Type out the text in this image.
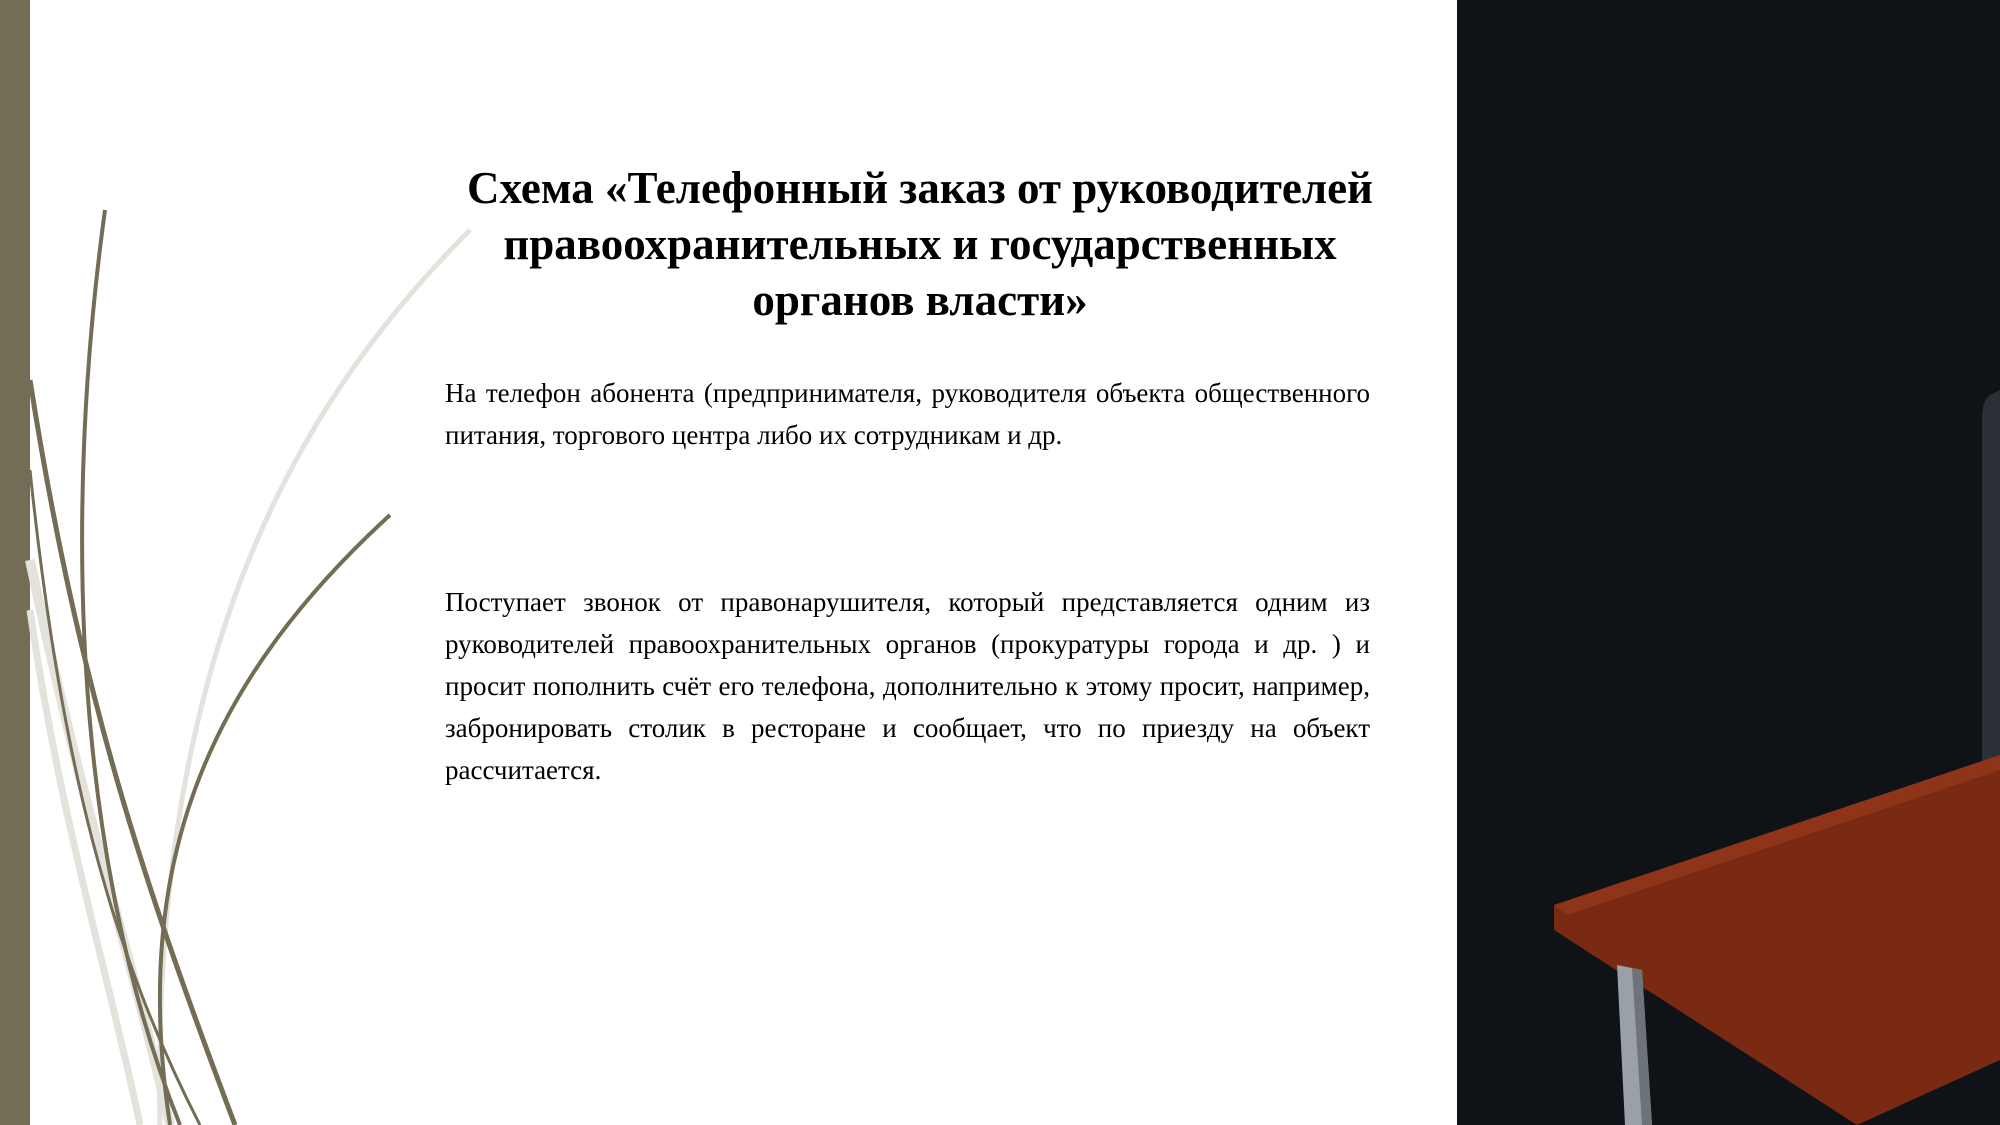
Схема «Телефонный заказ от руководителей правоохранительных и государственных органов власти»

На телефон абонента (предпринимателя, руководителя объекта общественного питания, торгового центра либо их сотрудникам и др.

Поступает звонок от правонарушителя, который представляется одним из руководителей правоохранительных органов (прокуратуры города и др. ) и просит пополнить счёт его телефона, дополнительно к этому просит, например, забронировать столик в ресторане и сообщает, что по приезду на объект рассчитается.
